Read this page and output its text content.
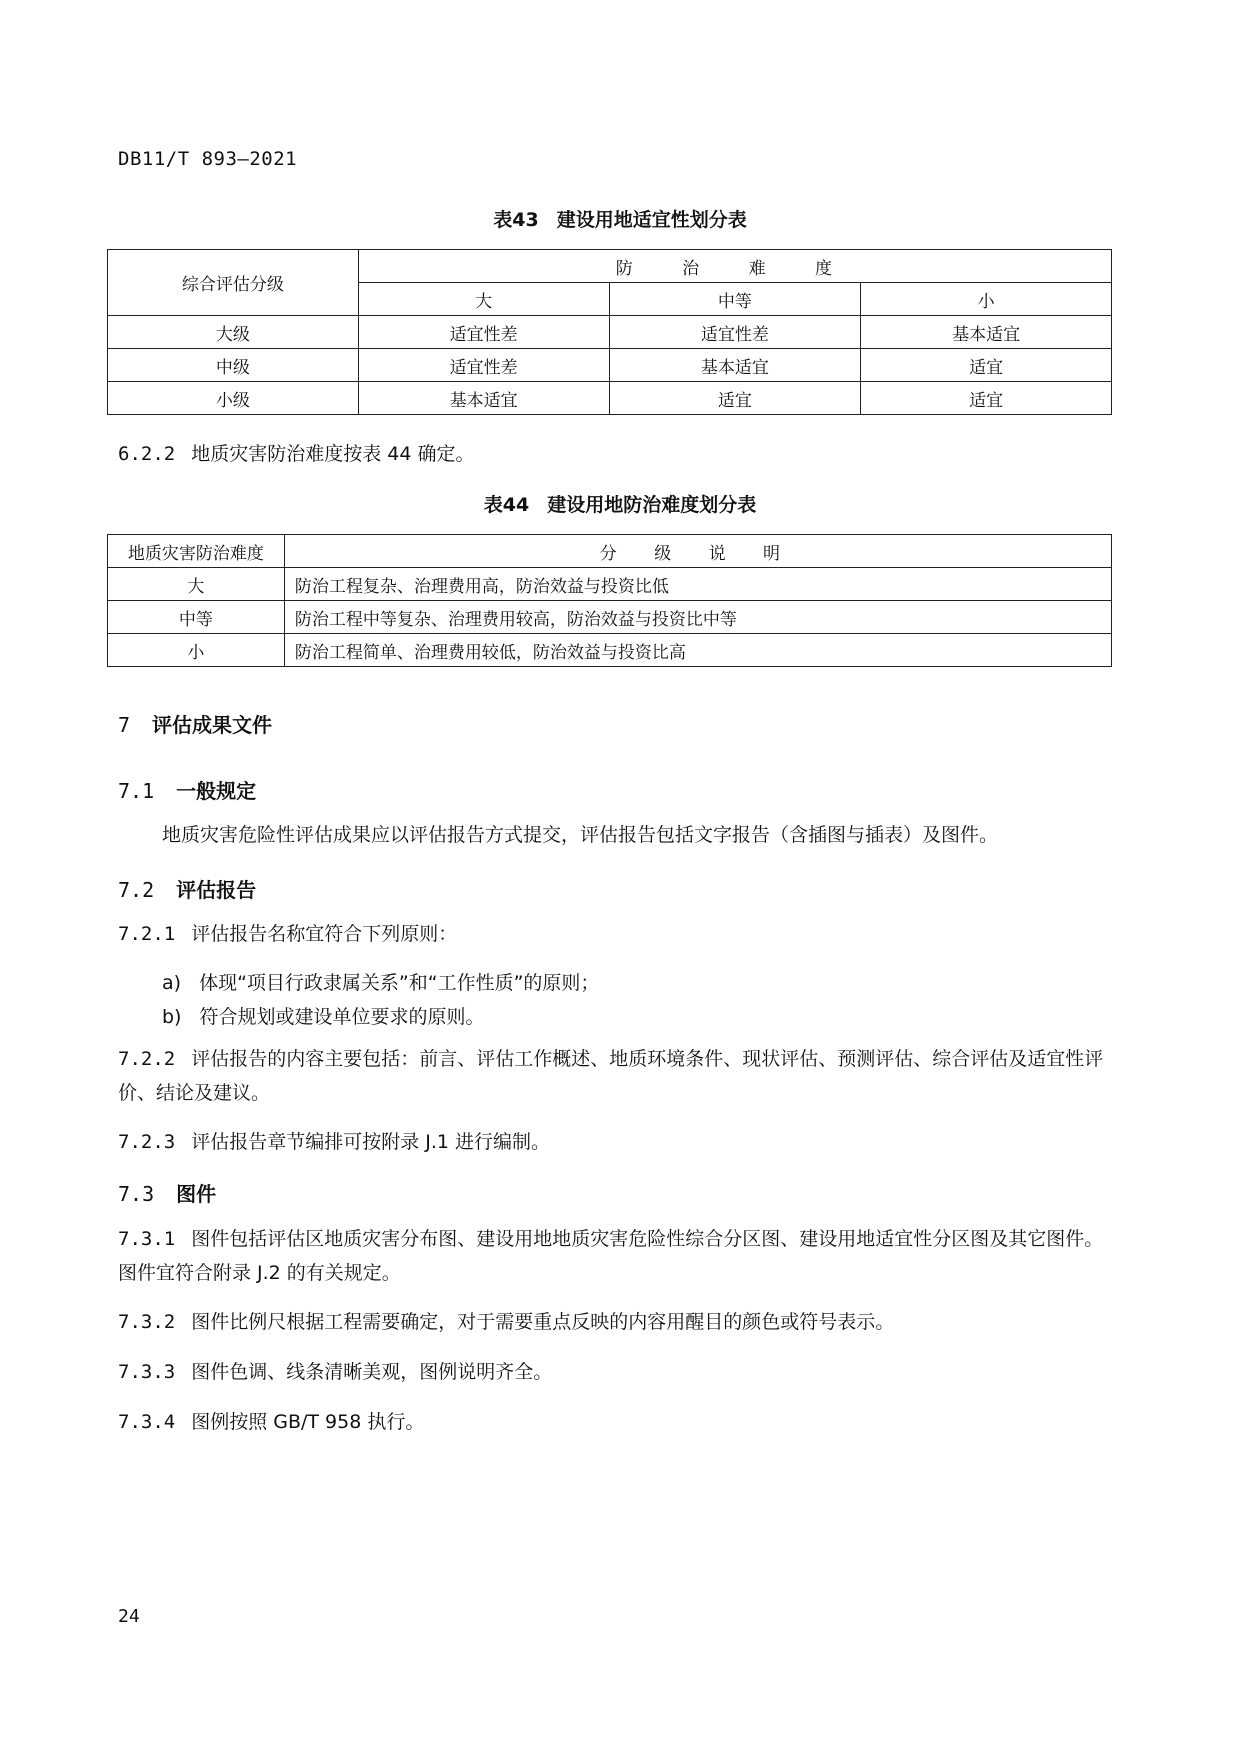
DB11/T 893—2021
表43 建设用地适宜性划分表
综合评估分级	防 治 难 度		
	大	中等	小
大级	适宜性差	适宜性差	基本适宜
中级	适宜性差	基本适宜	适宜
小级	基本适宜	适宜	适宜
6.2.2 地质灾害防治难度按表 44 确定。
表44 建设用地防治难度划分表
地质灾害防治难度	分 级 说 明
大	防治工程复杂、治理费用高，防治效益与投资比低
中等	防治工程中等复杂、治理费用较高，防治效益与投资比中等
小	防治工程简单、治理费用较低，防治效益与投资比高
7 评估成果文件
7.1 一般规定
地质灾害危险性评估成果应以评估报告方式提交，评估报告包括文字报告（含插图与插表）及图件。
7.2 评估报告
7.2.1 评估报告名称宜符合下列原则：
a) 体现“项目行政隶属关系”和“工作性质”的原则；
b) 符合规划或建设单位要求的原则。
7.2.2 评估报告的内容主要包括：前言、评估工作概述、地质环境条件、现状评估、预测评估、综合评估及适宜性评价、结论及建议。
7.2.3 评估报告章节编排可按附录 J.1 进行编制。
7.3 图件
7.3.1 图件包括评估区地质灾害分布图、建设用地地质灾害危险性综合分区图、建设用地适宜性分区图及其它图件。图件宜符合附录 J.2 的有关规定。
7.3.2 图件比例尺根据工程需要确定，对于需要重点反映的内容用醒目的颜色或符号表示。
7.3.3 图件色调、线条清晰美观，图例说明齐全。
7.3.4 图例按照 GB/T 958 执行。
24
